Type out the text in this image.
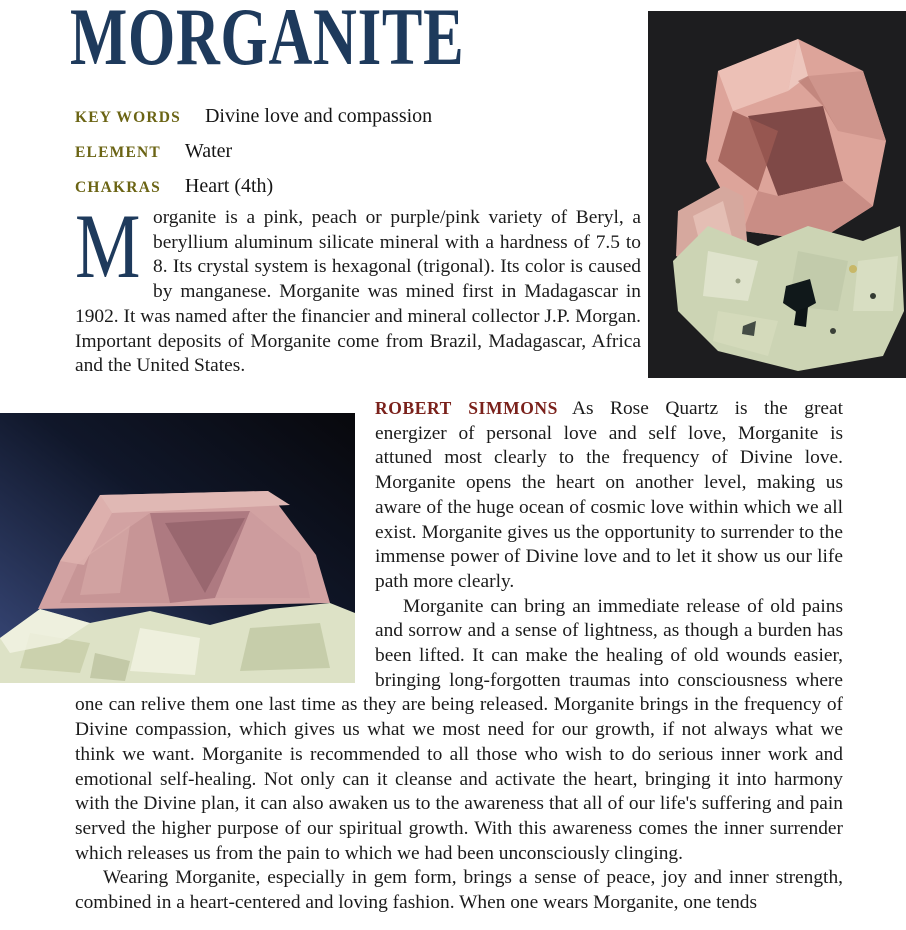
MORGANITE
KEY WORDS Divine love and compassion
ELEMENT Water
CHAKRAS Heart (4th)
Morganite is a pink, peach or purple/pink variety of Beryl, a beryllium aluminum silicate mineral with a hardness of 7.5 to 8. Its crystal system is hexagonal (trigonal). Its color is caused by manganese. Morganite was mined first in Madagascar in 1902. It was named after the financier and mineral collector J.P. Morgan. Important deposits of Morganite come from Brazil, Madagascar, Africa and the United States.

ROBERT SIMMONS As Rose Quartz is the great energizer of personal love and self love, Morganite is attuned most clearly to the frequency of Divine love. Morganite opens the heart on another level, making us aware of the huge ocean of cosmic love within which we all exist. Morganite gives us the opportunity to surrender to the immense power of Divine love and to let it show us our life path more clearly.

Morganite can bring an immediate release of old pains and sorrow and a sense of lightness, as though a burden has been lifted. It can make the healing of old wounds easier, bringing long-forgotten traumas into consciousness where one can relive them one last time as they are being released. Morganite brings in the frequency of Divine compassion, which gives us what we most need for our growth, if not always what we think we want. Morganite is recommended to all those who wish to do serious inner work and emotional self-healing. Not only can it cleanse and activate the heart, bringing it into harmony with the Divine plan, it can also awaken us to the awareness that all of our life's suffering and pain served the higher purpose of our spiritual growth. With this awareness comes the inner surrender which releases us from the pain to which we had been unconsciously clinging.

Wearing Morganite, especially in gem form, brings a sense of peace, joy and inner strength, combined in a heart-centered and loving fashion. When one wears Morganite, one tends
